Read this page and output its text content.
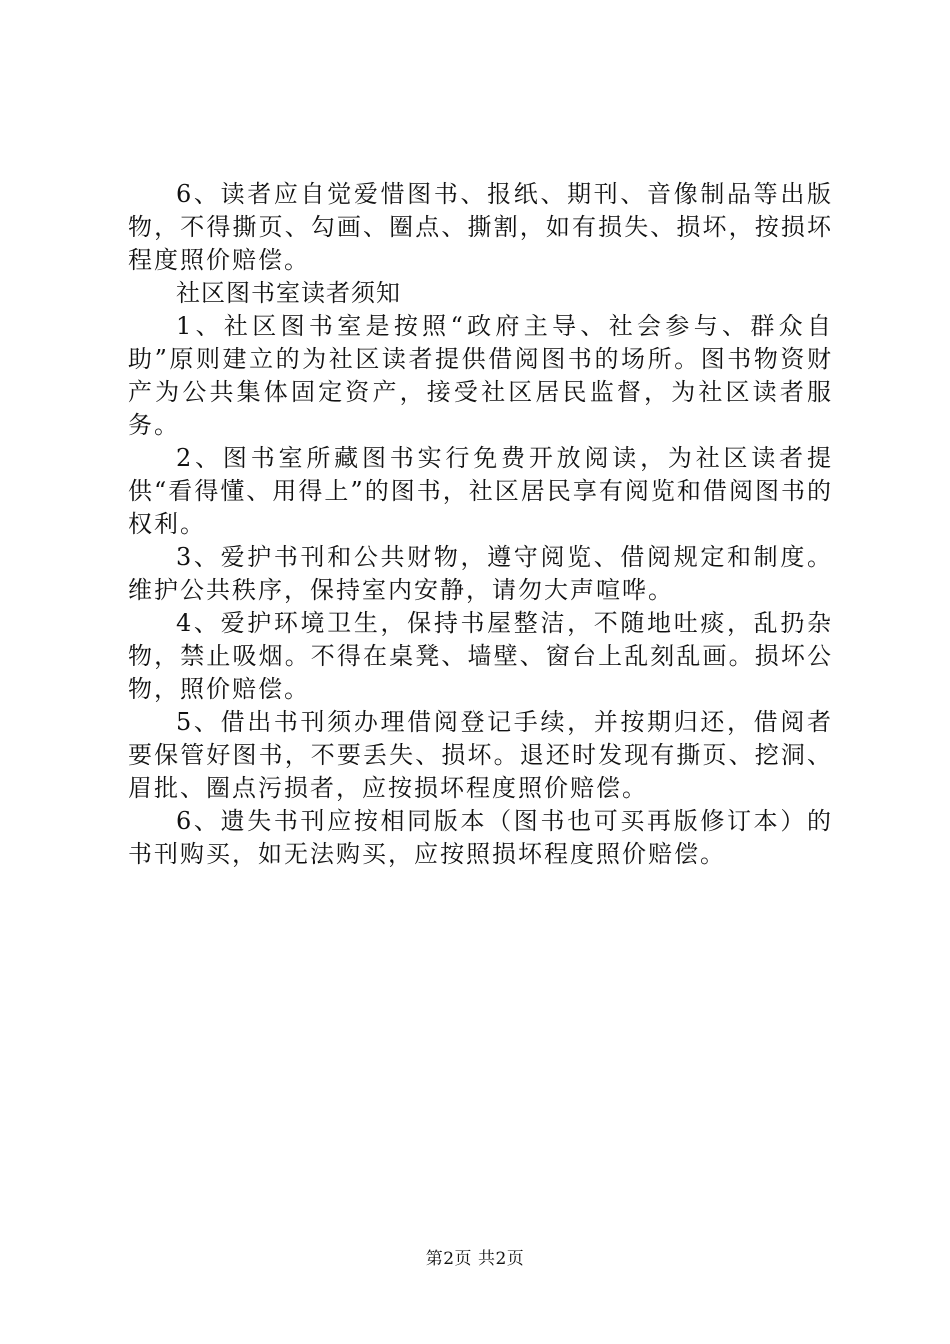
6、读者应自觉爱惜图书、报纸、期刊、音像制品等出版物，不得撕页、勾画、圈点、撕割，如有损失、损坏，按损坏程度照价赔偿。

社区图书室读者须知

1、社区图书室是按照“政府主导、社会参与、群众自助”原则建立的为社区读者提供借阅图书的场所。图书物资财产为公共集体固定资产，接受社区居民监督，为社区读者服务。

2、图书室所藏图书实行免费开放阅读，为社区读者提供“看得懂、用得上”的图书，社区居民享有阅览和借阅图书的权利。

3、爱护书刊和公共财物，遵守阅览、借阅规定和制度。维护公共秩序，保持室内安静，请勿大声喧哗。

4、爱护环境卫生，保持书屋整洁，不随地吐痰，乱扔杂物，禁止吸烟。不得在桌凳、墙壁、窗台上乱刻乱画。损坏公物，照价赔偿。

5、借出书刊须办理借阅登记手续，并按期归还，借阅者要保管好图书，不要丢失、损坏。退还时发现有撕页、挖洞、眉批、圈点污损者，应按损坏程度照价赔偿。

6、遗失书刊应按相同版本（图书也可买再版修订本）的书刊购买，如无法购买，应按照损坏程度照价赔偿。

第2页 共2页
